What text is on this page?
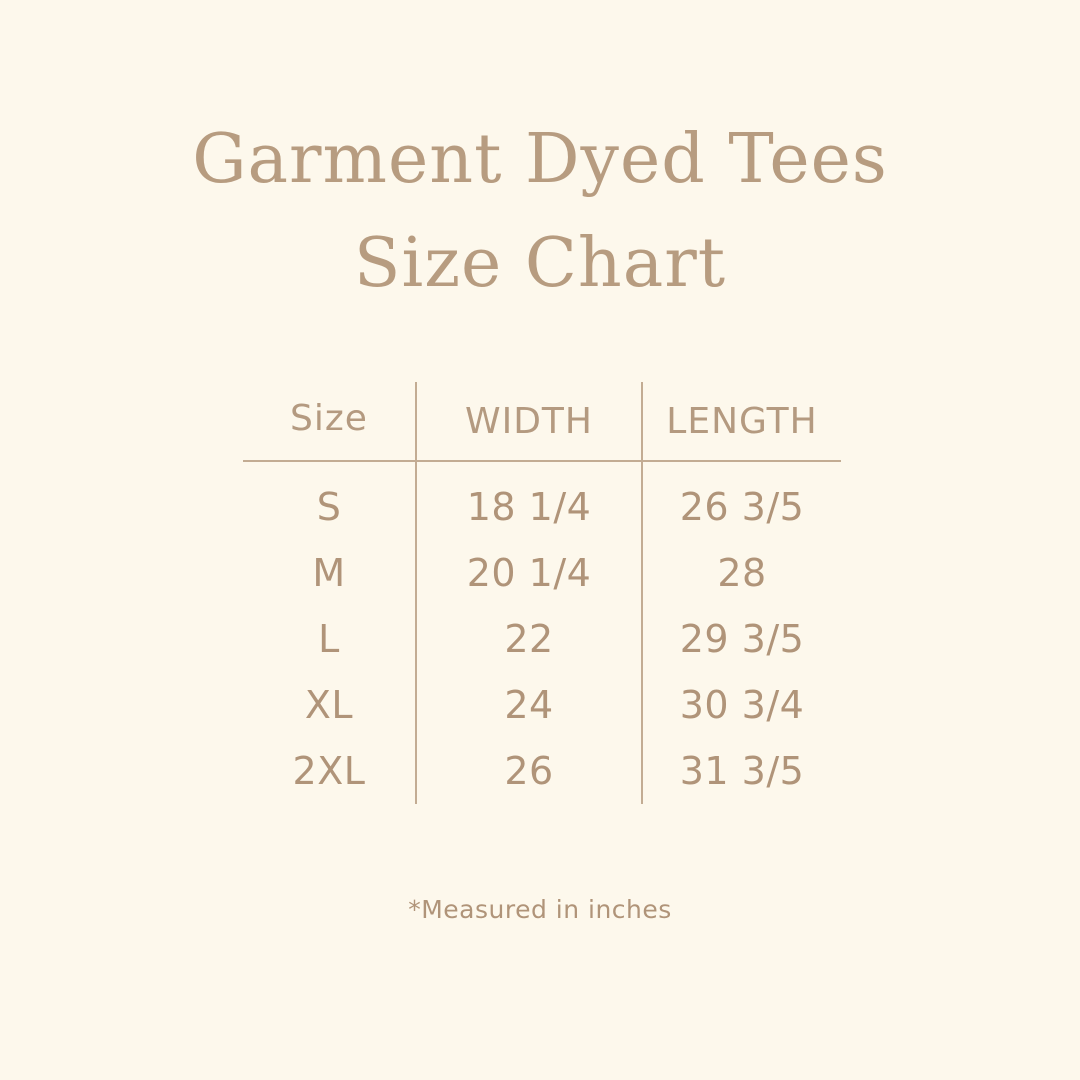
Garment Dyed Tees
Size Chart
Size	WIDTH	LENGTH
S	18 1/4	26 3/5
M	20 1/4	28
L	22	29 3/5
XL	24	30 3/4
2XL	26	31 3/5
*Measured in inches
